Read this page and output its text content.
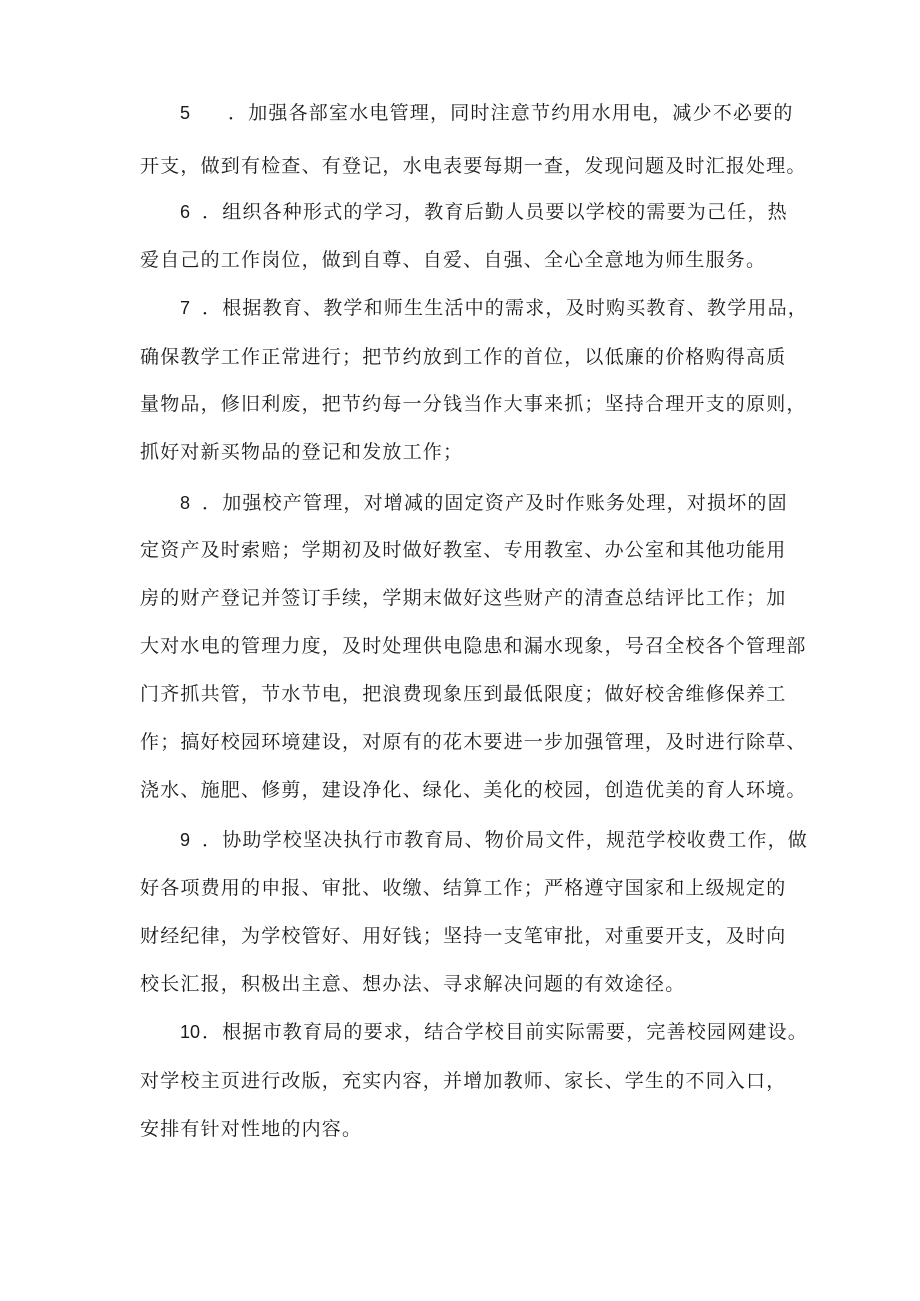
5 ．加强各部室水电管理，同时注意节约用水用电，减少不必要的
开支，做到有检查、有登记，水电表要每期一查，发现问题及时汇报处理。
6 ．组织各种形式的学习，教育后勤人员要以学校的需要为己任，热
爱自己的工作岗位，做到自尊、自爱、自强、全心全意地为师生服务。
7 ．根据教育、教学和师生生活中的需求，及时购买教育、教学用品，
确保教学工作正常进行；把节约放到工作的首位，以低廉的价格购得高质
量物品，修旧利废，把节约每一分钱当作大事来抓；坚持合理开支的原则，
抓好对新买物品的登记和发放工作；
8 ．加强校产管理，对增减的固定资产及时作账务处理，对损坏的固
定资产及时索赔；学期初及时做好教室、专用教室、办公室和其他功能用
房的财产登记并签订手续，学期末做好这些财产的清查总结评比工作；加
大对水电的管理力度，及时处理供电隐患和漏水现象，号召全校各个管理部
门齐抓共管，节水节电，把浪费现象压到最低限度；做好校舍维修保养工
作；搞好校园环境建设，对原有的花木要进一步加强管理，及时进行除草、
浇水、施肥、修剪，建设净化、绿化、美化的校园，创造优美的育人环境。
9 ．协助学校坚决执行市教育局、物价局文件，规范学校收费工作，做
好各项费用的申报、审批、收缴、结算工作；严格遵守国家和上级规定的
财经纪律，为学校管好、用好钱；坚持一支笔审批，对重要开支，及时向
校长汇报，积极出主意、想办法、寻求解决问题的有效途径。
10 ．根据市教育局的要求，结合学校目前实际需要，完善校园网建设。
对学校主页进行改版，充实内容，并增加教师、家长、学生的不同入口，
安排有针对性地的内容。
